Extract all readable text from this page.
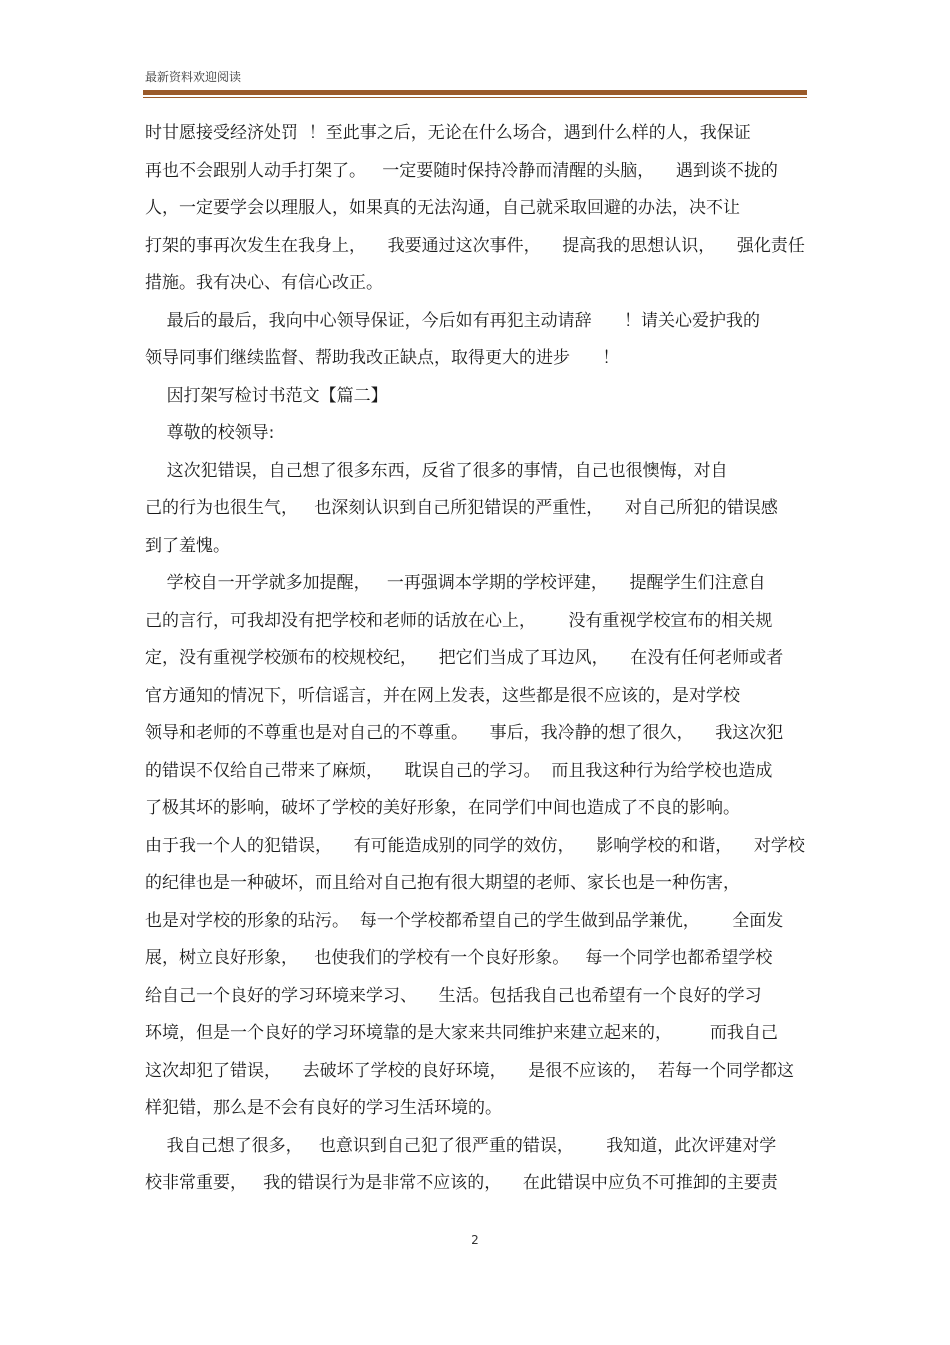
最新资料欢迎阅读
时甘愿接受经济处罚  ！至此事之后，无论在什么场合，遇到什么样的人，我保证
再也不会跟别人动手打架了。   一定要随时保持冷静而清醒的头脑，    遇到谈不拢的
人，一定要学会以理服人，如果真的无法沟通，自己就采取回避的办法，决不让
打架的事再次发生在我身上，    我要通过这次事件，    提高我的思想认识，    强化责任
措施。我有决心、有信心改正。
最后的最后，我向中心领导保证，今后如有再犯主动请辞      ！请关心爱护我的
领导同事们继续监督、帮助我改正缺点，取得更大的进步      ！
因打架写检讨书范文【篇二】
尊敬的校领导:
这次犯错误，自己想了很多东西，反省了很多的事情，自己也很懊悔，对自
己的行为也很生气，   也深刻认识到自己所犯错误的严重性，    对自己所犯的错误感
到了羞愧。
学校自一开学就多加提醒，   一再强调本学期的学校评建，    提醒学生们注意自
己的言行，可我却没有把学校和老师的话放在心上，      没有重视学校宣布的相关规
定，没有重视学校颁布的校规校纪，    把它们当成了耳边风，    在没有任何老师或者
官方通知的情况下，听信谣言，并在网上发表，这些都是很不应该的，是对学校
领导和老师的不尊重也是对自己的不尊重。    事后，我冷静的想了很久，    我这次犯
的错误不仅给自己带来了麻烦，    耽误自己的学习。  而且我这种行为给学校也造成
了极其坏的影响，破坏了学校的美好形象，在同学们中间也造成了不良的影响。
由于我一个人的犯错误，    有可能造成别的同学的效仿，    影响学校的和谐，    对学校
的纪律也是一种破坏，而且给对自己抱有很大期望的老师、家长也是一种伤害，
也是对学校的形象的玷污。  每一个学校都希望自己的学生做到品学兼优，      全面发
展，树立良好形象，   也使我们的学校有一个良好形象。   每一个同学也都希望学校
给自己一个良好的学习环境来学习、    生活。包括我自己也希望有一个良好的学习
环境，但是一个良好的学习环境靠的是大家来共同维护来建立起来的，       而我自己
这次却犯了错误，    去破坏了学校的良好环境，    是很不应该的，  若每一个同学都这
样犯错，那么是不会有良好的学习生活环境的。
我自己想了很多，   也意识到自己犯了很严重的错误，      我知道，此次评建对学
校非常重要，   我的错误行为是非常不应该的，    在此错误中应负不可推卸的主要责
2
